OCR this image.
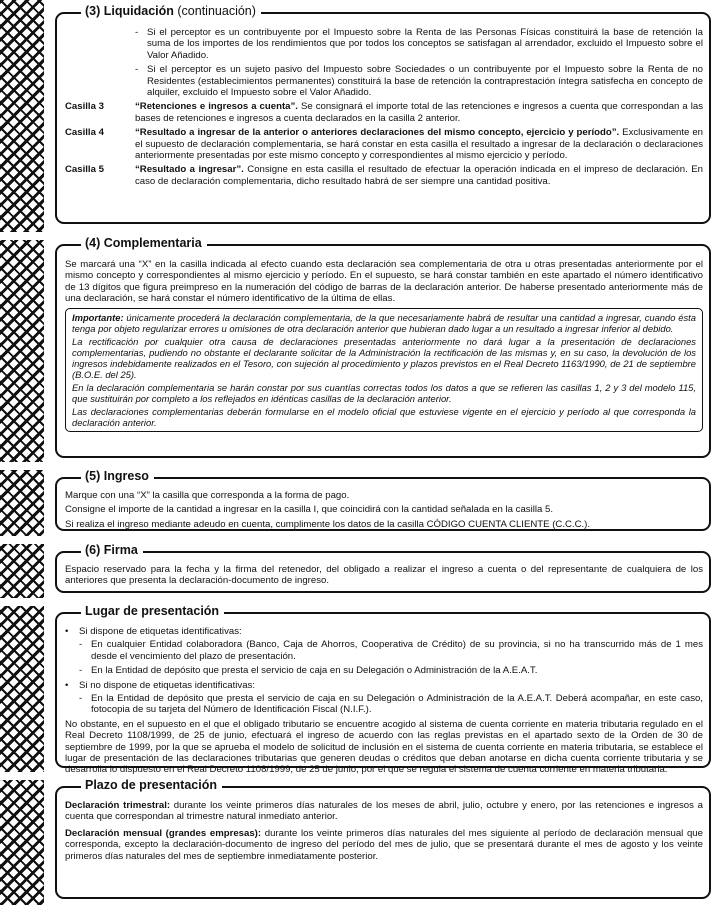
(3) Liquidación (continuación)
- Si el perceptor es un contribuyente por el Impuesto sobre la Renta de las Personas Físicas constituirá la base de retención la suma de los importes de los rendimientos que por todos los conceptos se satisfagan al arrendador, excluido el Impuesto sobre el Valor Añadido.
- Si el perceptor es un sujeto pasivo del Impuesto sobre Sociedades o un contribuyente por el Impuesto sobre la Renta de no Residentes (establecimientos permanentes) constituirá la base de retención la contraprestación íntegra satisfecha en concepto de alquiler, excluido el Impuesto sobre el Valor Añadido.
Casilla 3	“Retenciones e ingresos a cuenta”. Se consignará el importe total de las retenciones e ingresos a cuenta que correspondan a las bases de retenciones e ingresos a cuenta declarados en la casilla 2 anterior.
Casilla 4	“Resultado a ingresar de la anterior o anteriores declaraciones del mismo concepto, ejercicio y período”. Exclusivamente en el supuesto de declaración complementaria, se hará constar en esta casilla el resultado a ingresar de la declaración o declaraciones anteriormente presentadas por este mismo concepto y correspondientes al mismo ejercicio y período.
Casilla 5	“Resultado a ingresar”. Consigne en esta casilla el resultado de efectuar la operación indicada en el impreso de declaración. En caso de declaración complementaria, dicho resultado habrá de ser siempre una cantidad positiva.
(4) Complementaria

Se marcará una “X” en la casilla indicada al efecto cuando esta declaración sea complementaria de otra u otras presentadas anteriormente por el mismo concepto y correspondientes al mismo ejercicio y período. En el supuesto, se hará constar también en este apartado el número identificativo de 13 dígitos que figura preimpreso en la numeración del código de barras de la declaración anterior. De haberse presentado anteriormente más de una declaración, se hará constar el número identificativo de la última de ellas.

Importante: únicamente procederá la declaración complementaria, de la que necesariamente habrá de resultar una cantidad a ingresar, cuando ésta tenga por objeto regularizar errores u omisiones de otra declaración anterior que hubieran dado lugar a un resultado a ingresar inferior al debido.

La rectificación por cualquier otra causa de declaraciones presentadas anteriormente no dará lugar a la presentación de declaraciones complementarias, pudiendo no obstante el declarante solicitar de la Administración la rectificación de las mismas y, en su caso, la devolución de los ingresos indebidamente realizados en el Tesoro, con sujeción al procedimiento y plazos previstos en el Real Decreto 1163/1990, de 21 de septiembre (B.O.E. del 25).

En la declaración complementaria se harán constar por sus cuantías correctas todos los datos a que se refieren las casillas 1, 2 y 3 del modelo 115, que sustituirán por completo a los reflejados en idénticas casillas de la declaración anterior.

Las declaraciones complementarias deberán formularse en el modelo oficial que estuviese vigente en el ejercicio y período al que corresponda la declaración anterior.

(5) Ingreso

Marque con una “X” la casilla que corresponda a la forma de pago.

Consigne el importe de la cantidad a ingresar en la casilla I, que coincidirá con la cantidad señalada en la casilla 5.

Si realiza el ingreso mediante adeudo en cuenta, cumplimente los datos de la casilla CÓDIGO CUENTA CLIENTE (C.C.C.).

(6) Firma

Espacio reservado para la fecha y la firma del retenedor, del obligado a realizar el ingreso a cuenta o del representante de cualquiera de los anteriores que presenta la declaración-documento de ingreso.

Lugar de presentación
•	Si dispone de etiquetas identificativas:
- En cualquier Entidad colaboradora (Banco, Caja de Ahorros, Cooperativa de Crédito) de su provincia, si no ha transcurrido más de 1 mes desde el vencimiento del plazo de presentación.
- En la Entidad de depósito que presta el servicio de caja en su Delegación o Administración de la A.E.A.T.
•	Si no dispone de etiquetas identificativas:
- En la Entidad de depósito que presta el servicio de caja en su Delegación o Administración de la A.E.A.T. Deberá acompañar, en este caso, fotocopia de su tarjeta del Número de Identificación Fiscal (N.I.F.).

No obstante, en el supuesto en el que el obligado tributario se encuentre acogido al sistema de cuenta corriente en materia tributaria regulado en el Real Decreto 1108/1999, de 25 de junio, efectuará el ingreso de acuerdo con las reglas previstas en el apartado sexto de la Orden de 30 de septiembre de 1999, por la que se aprueba el modelo de solicitud de inclusión en el sistema de cuenta corriente en materia tributaria, se establece el lugar de presentación de las declaraciones tributarias que generen deudas o créditos que deban anotarse en dicha cuenta corriente tributaria y se desarrolla lo dispuesto en el Real Decreto 1108/1999, de 25 de junio, por el que se regula el sistema de cuenta corriente en materia tributaria.

Plazo de presentación

Declaración trimestral: durante los veinte primeros días naturales de los meses de abril, julio, octubre y enero, por las retenciones e ingresos a cuenta que correspondan al trimestre natural inmediato anterior.

Declaración mensual (grandes empresas): durante los veinte primeros días naturales del mes siguiente al período de declaración mensual que corresponda, excepto la declaración-documento de ingreso del período del mes de julio, que se presentará durante el mes de agosto y los veinte primeros días naturales del mes de septiembre inmediatamente posterior.
